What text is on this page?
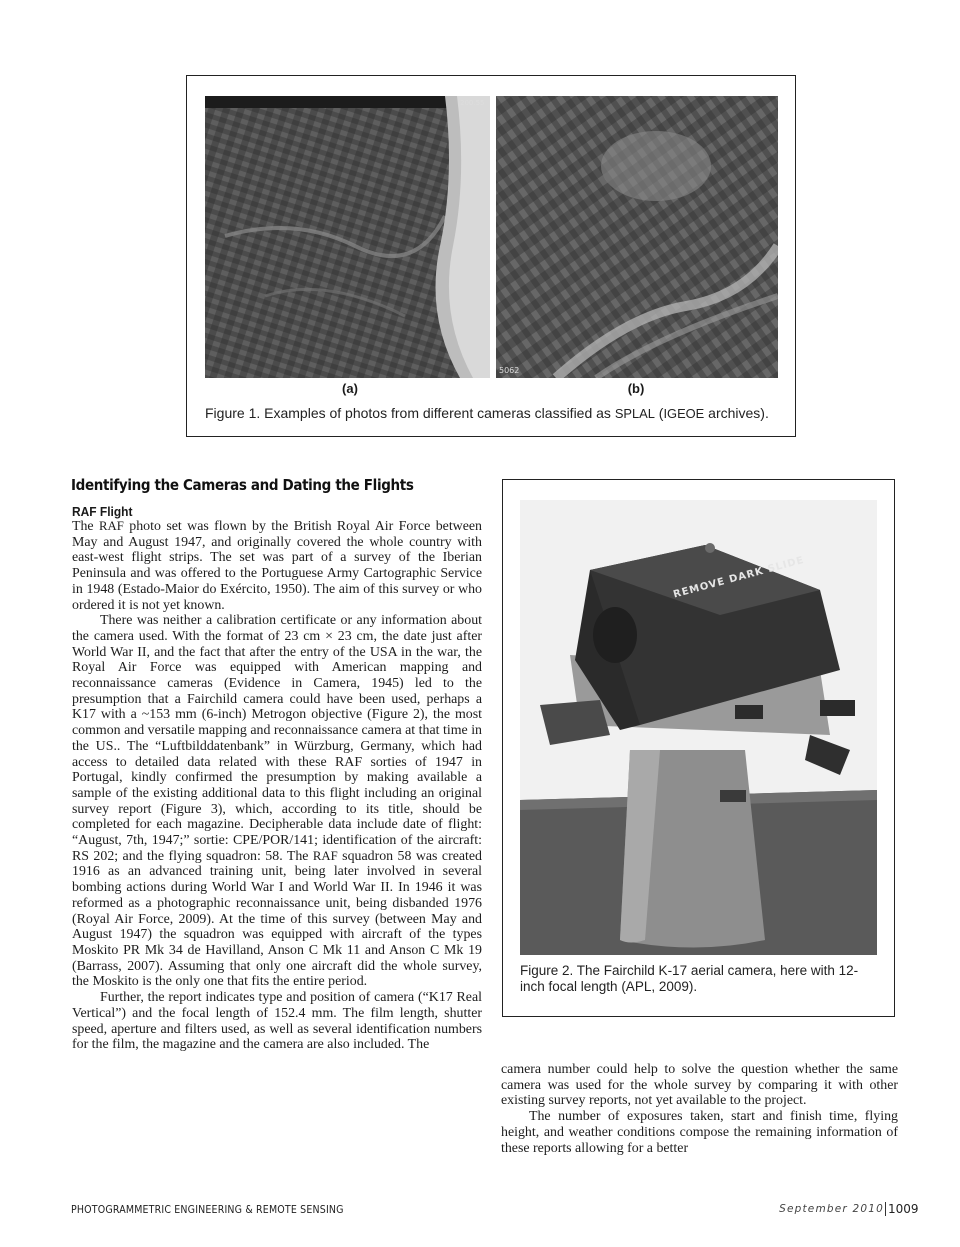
200.55
5062
(a)	(b)
Figure 1. Examples of photos from different cameras classified as SPLAL (IGEOE archives).
Identifying the Cameras and Dating the Flights
RAF Flight

The RAF photo set was flown by the British Royal Air Force between May and August 1947, and originally covered the whole country with east-west flight strips. The set was part of a survey of the Iberian Peninsula and was offered to the Portuguese Army Cartographic Service in 1948 (Estado-Maior do Exército, 1950). The aim of this survey or who ordered it is not yet known.

There was neither a calibration certificate or any information about the camera used. With the format of 23 cm × 23 cm, the date just after World War II, and the fact that after the entry of the USA in the war, the Royal Air Force was equipped with American mapping and reconnaissance cameras (Evidence in Camera, 1945) led to the presumption that a Fairchild camera could have been used, perhaps a K17 with a ~153 mm (6-inch) Metrogon objective (Figure 2), the most common and versatile mapping and reconnaissance camera at that time in the US.. The “Luftbilddatenbank” in Würzburg, Germany, which had access to detailed data related with these RAF sorties of 1947 in Portugal, kindly confirmed the presumption by making available a sample of the existing additional data to this flight including an original survey report (Figure 3), which, according to its title, should be completed for each magazine. Decipherable data include date of flight: “August, 7th, 1947;” sortie: CPE/POR/141; identification of the aircraft: RS 202; and the flying squadron: 58. The RAF squadron 58 was created 1916 as an advanced training unit, being later involved in several bombing actions during World War I and World War II. In 1946 it was reformed as a photographic reconnaissance unit, being disbanded 1976 (Royal Air Force, 2009). At the time of this survey (between May and August 1947) the squadron was equipped with aircraft of the types Moskito PR Mk 34 de Havilland, Anson C Mk 11 and Anson C Mk 19 (Barrass, 2007). Assuming that only one aircraft did the whole survey, the Moskito is the only one that fits the entire period.

Further, the report indicates type and position of camera (“K17 Real Vertical”) and the focal length of 152.4 mm. The film length, shutter speed, aperture and filters used, as well as several identification numbers for the film, the magazine and the camera are also included. The

REMOVE DARK SLIDE
Figure 2. The Fairchild K-17 aerial camera, here with 12-inch focal length (APL, 2009).

camera number could help to solve the question whether the same camera was used for the whole survey by comparing it with other existing survey reports, not yet available to the project.

The number of exposures taken, start and finish time, flying height, and weather conditions compose the remaining information of these reports allowing for a better

PHOTOGRAMMETRIC ENGINEERING & REMOTE SENSING	September 2010 1009
